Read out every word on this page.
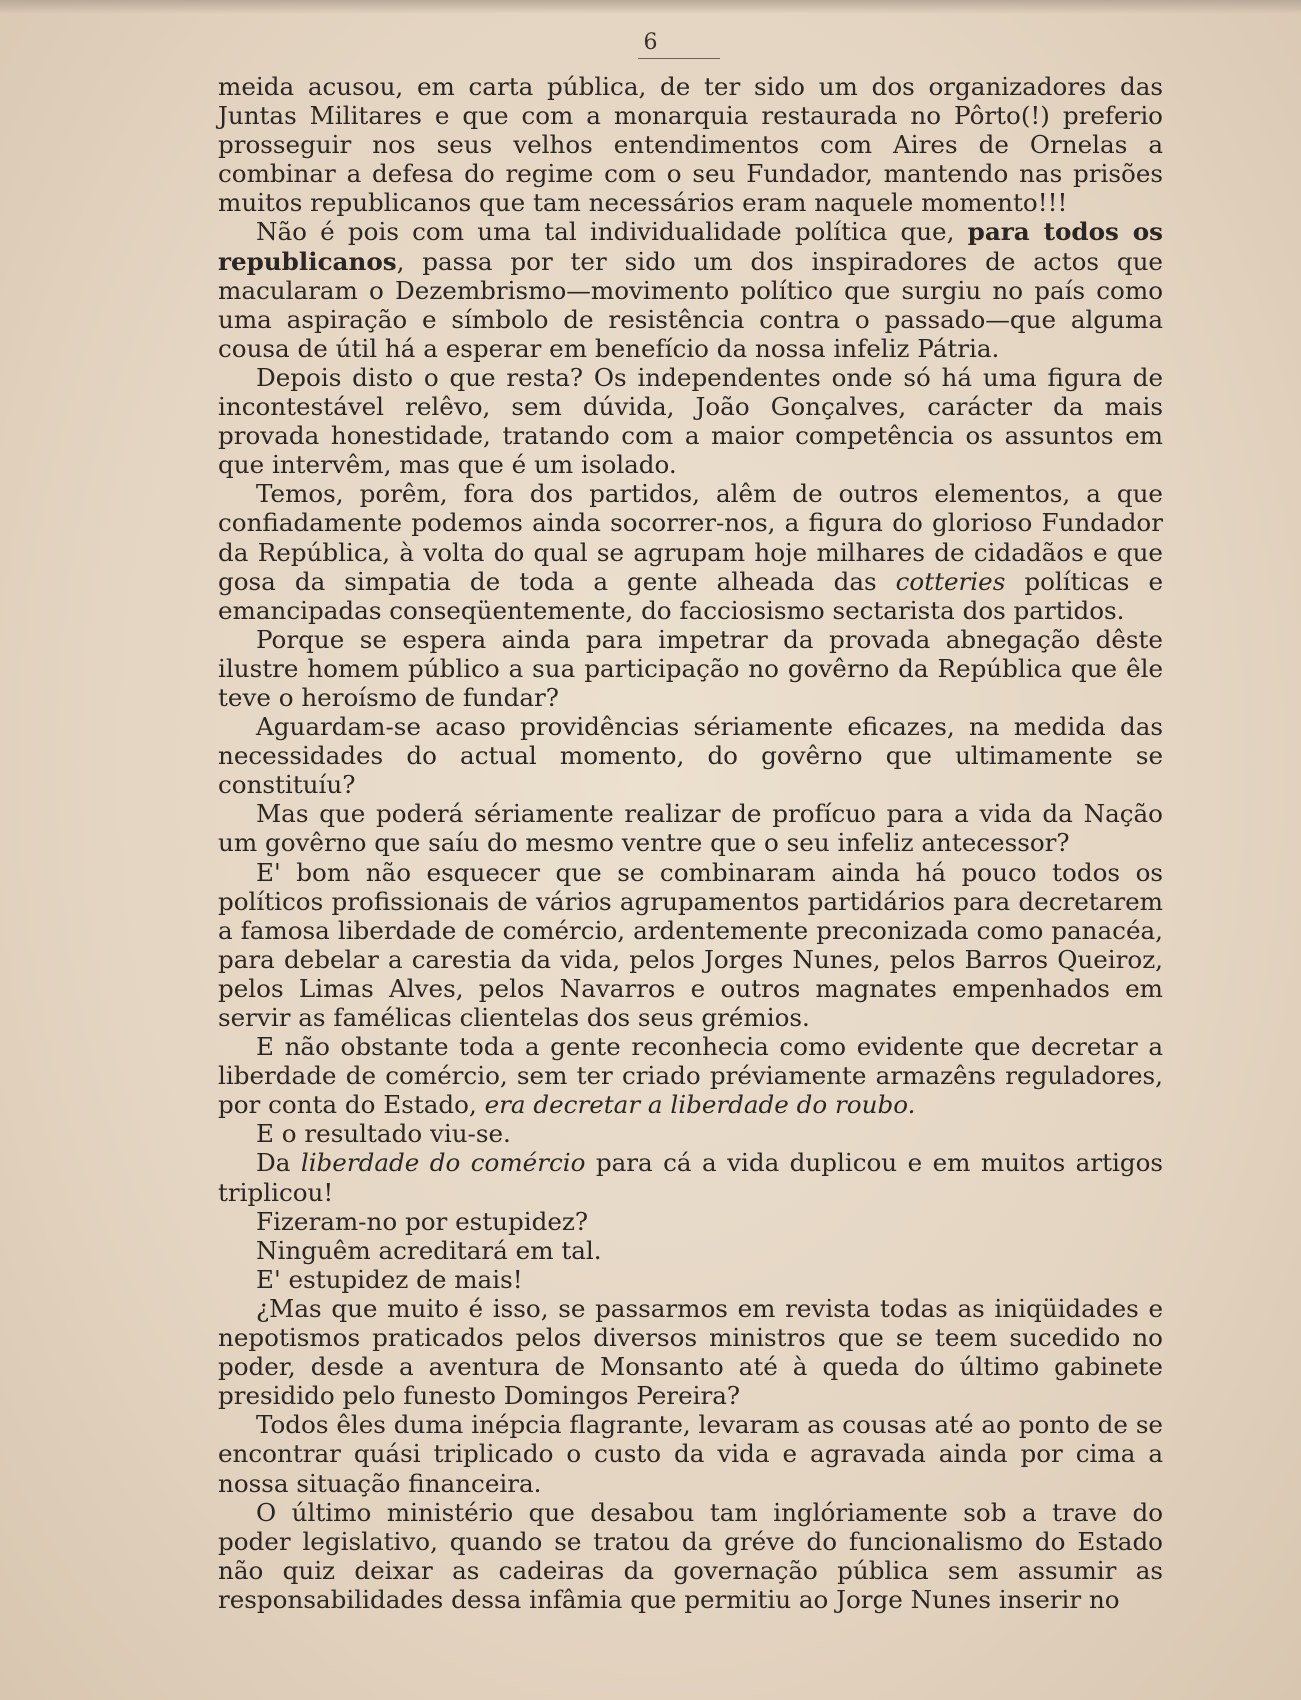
6

meida acusou, em carta pública, de ter sido um dos organizadores das Juntas Militares e que com a monarquia restaurada no Pôrto(!) preferio prosseguir nos seus velhos entendimentos com Aires de Ornelas a combinar a defesa do regime com o seu Fundador, mantendo nas prisões muitos republicanos que tam necessários eram naquele momento!!!

Não é pois com uma tal individualidade política que, para todos os republicanos, passa por ter sido um dos inspiradores de actos que macularam o Dezembrismo—movimento político que surgiu no país como uma aspiração e símbolo de resistência contra o passado—que alguma cousa de útil há a esperar em benefício da nossa infeliz Pátria.

Depois disto o que resta? Os independentes onde só há uma figura de incontestável relêvo, sem dúvida, João Gonçalves, carácter da mais provada honestidade, tratando com a maior competência os assuntos em que intervêm, mas que é um isolado.

Temos, porêm, fora dos partidos, alêm de outros elementos, a que confiadamente podemos ainda socorrer-nos, a figura do glorioso Fundador da República, à volta do qual se agrupam hoje milhares de cidadãos e que gosa da simpatia de toda a gente alheada das cotteries políticas e emancipadas conseqüentemente, do facciosismo sectarista dos partidos.

Porque se espera ainda para impetrar da provada abnegação dêste ilustre homem público a sua participação no govêrno da República que êle teve o heroísmo de fundar?

Aguardam-se acaso providências sériamente eficazes, na medida das necessidades do actual momento, do govêrno que ultimamente se constituíu?

Mas que poderá sériamente realizar de profícuo para a vida da Nação um govêrno que saíu do mesmo ventre que o seu infeliz antecessor?

E' bom não esquecer que se combinaram ainda há pouco todos os políticos profissionais de vários agrupamentos partidários para decretarem a famosa liberdade de comércio, ardentemente preconizada como panacéa, para debelar a carestia da vida, pelos Jorges Nunes, pelos Barros Queiroz, pelos Limas Alves, pelos Navarros e outros magnates empenhados em servir as famélicas clientelas dos seus grémios.

E não obstante toda a gente reconhecia como evidente que decretar a liberdade de comércio, sem ter criado préviamente armazêns reguladores, por conta do Estado, era decretar a liberdade do roubo.

E o resultado viu-se.

Da liberdade do comércio para cá a vida duplicou e em muitos artigos triplicou!

Fizeram-no por estupidez?

Ninguêm acreditará em tal.

E' estupidez de mais!

¿Mas que muito é isso, se passarmos em revista todas as iniqüidades e nepotismos praticados pelos diversos ministros que se teem sucedido no poder, desde a aventura de Monsanto até à queda do último gabinete presidido pelo funesto Domingos Pereira?

Todos êles duma inépcia flagrante, levaram as cousas até ao ponto de se encontrar quási triplicado o custo da vida e agravada ainda por cima a nossa situação financeira.

O último ministério que desabou tam inglóriamente sob a trave do poder legislativo, quando se tratou da gréve do funcionalismo do Estado não quiz deixar as cadeiras da governação pública sem assumir as responsabilidades dessa infâmia que permitiu ao Jorge Nunes inserir no
